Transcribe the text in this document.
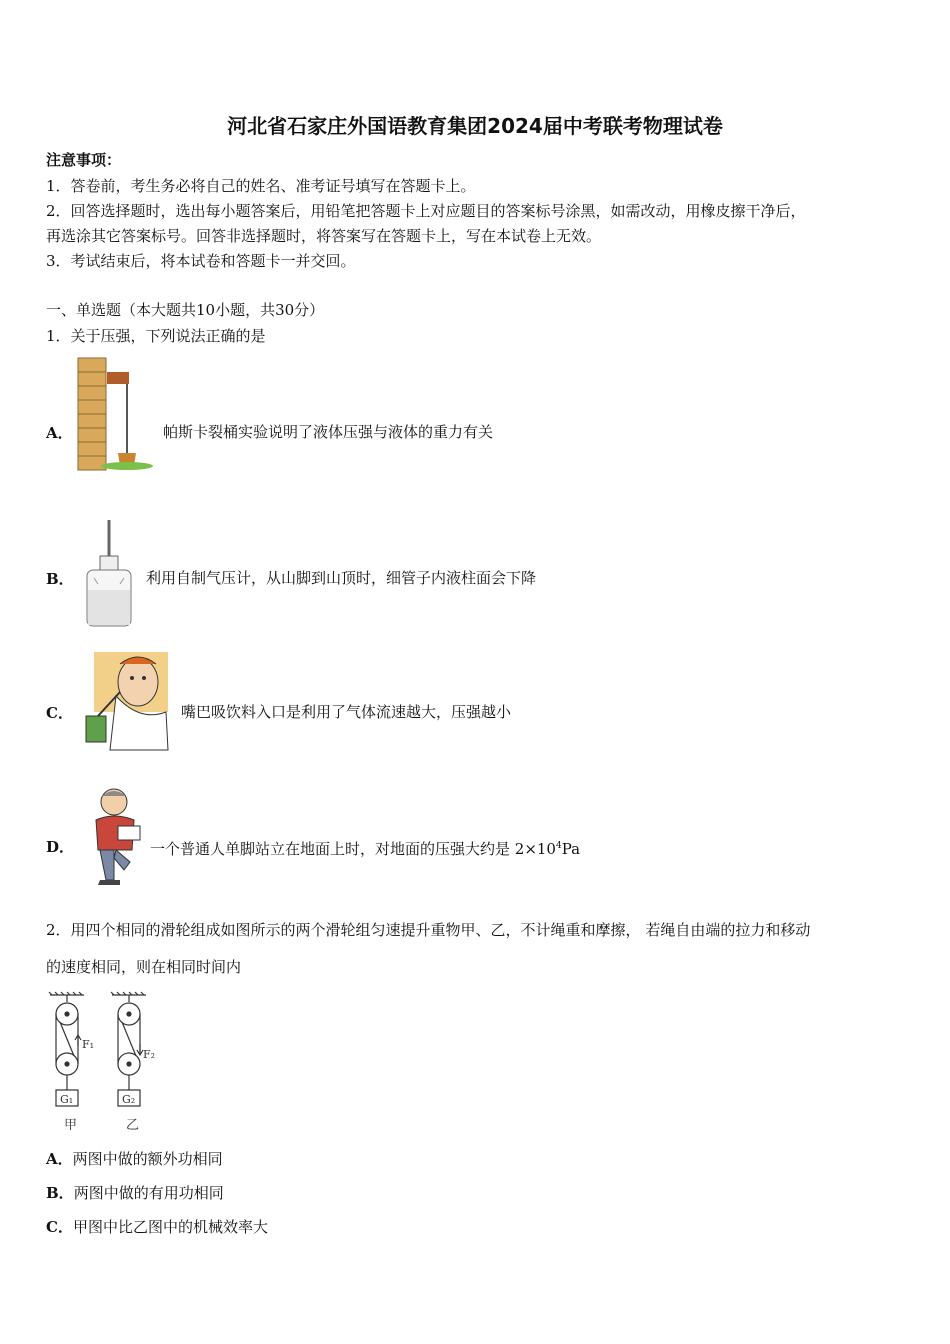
河北省石家庄外国语教育集团2024届中考联考物理试卷
注意事项：
1．答卷前，考生务必将自己的姓名、准考证号填写在答题卡上。
2．回答选择题时，选出每小题答案后，用铅笔把答题卡上对应题目的答案标号涂黑，如需改动，用橡皮擦干净后，
再选涂其它答案标号。回答非选择题时，将答案写在答题卡上，写在本试卷上无效。
3．考试结束后，将本试卷和答题卡一并交回。
一、单选题（本大题共10小题，共30分）
1．关于压强，下列说法正确的是
A．	帕斯卡裂桶实验说明了液体压强与液体的重力有关
B．	利用自制气压计，从山脚到山顶时，细管子内液柱面会下降
C．	嘴巴吸饮料入口是利用了气体流速越大，压强越小
D．	一个普通人单脚站立在地面上时，对地面的压强大约是 $2\times 10^4Pa$
2．用四个相同的滑轮组成如图所示的两个滑轮组匀速提升重物甲、乙，不计绳重和摩擦， 若绳自由端的拉力和移动
的速度相同，则在相同时间内
F₁
G₁
甲
F₂
G₂
乙
A．两图中做的额外功相同
B．两图中做的有用功相同
C．甲图中比乙图中的机械效率大
